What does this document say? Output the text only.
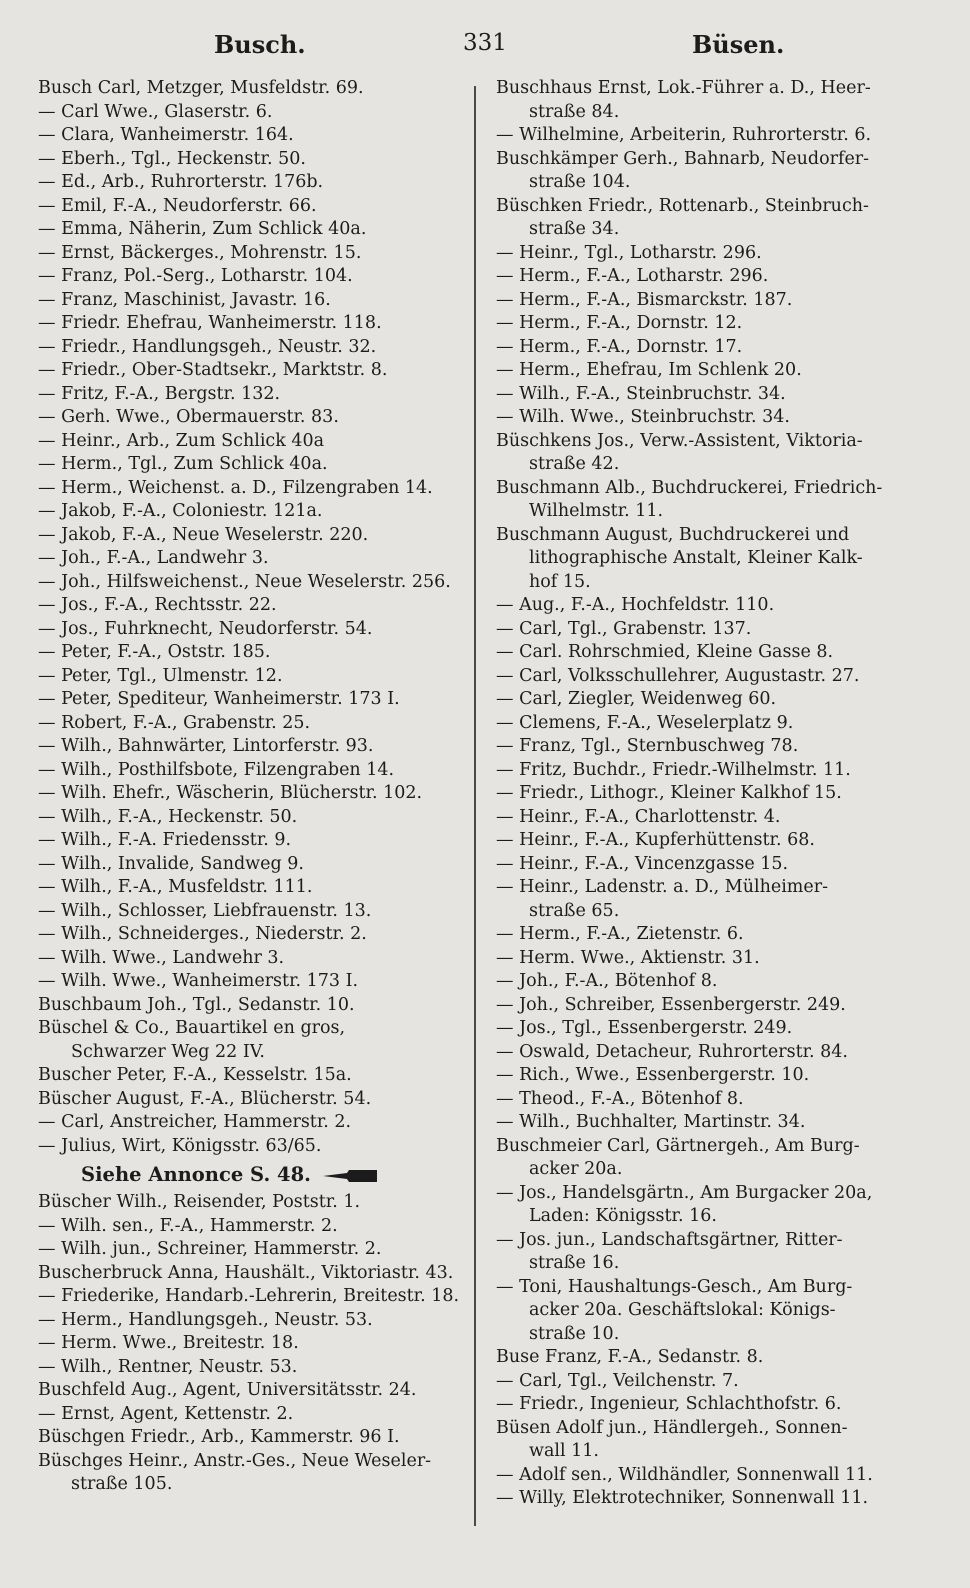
Busch.	331	Büsen.
Busch Carl, Metzger, Musfeldstr. 69.
— Carl Wwe., Glaserstr. 6.
— Clara, Wanheimerstr. 164.
— Eberh., Tgl., Heckenstr. 50.
— Ed., Arb., Ruhrorterstr. 176b.
— Emil, F.-A., Neudorferstr. 66.
— Emma, Näherin, Zum Schlick 40a.
— Ernst, Bäckerges., Mohrenstr. 15.
— Franz, Pol.-Serg., Lotharstr. 104.
— Franz, Maschinist, Javastr. 16.
— Friedr. Ehefrau, Wanheimerstr. 118.
— Friedr., Handlungsgeh., Neustr. 32.
— Friedr., Ober-Stadtsekr., Marktstr. 8.
— Fritz, F.-A., Bergstr. 132.
— Gerh. Wwe., Obermauerstr. 83.
— Heinr., Arb., Zum Schlick 40a
— Herm., Tgl., Zum Schlick 40a.
— Herm., Weichenst. a. D., Filzengraben 14.
— Jakob, F.-A., Coloniestr. 121a.
— Jakob, F.-A., Neue Weselerstr. 220.
— Joh., F.-A., Landwehr 3.
— Joh., Hilfsweichenst., Neue Weselerstr. 256.
— Jos., F.-A., Rechtsstr. 22.
— Jos., Fuhrknecht, Neudorferstr. 54.
— Peter, F.-A., Oststr. 185.
— Peter, Tgl., Ulmenstr. 12.
— Peter, Spediteur, Wanheimerstr. 173 I.
— Robert, F.-A., Grabenstr. 25.
— Wilh., Bahnwärter, Lintorferstr. 93.
— Wilh., Posthilfsbote, Filzengraben 14.
— Wilh. Ehefr., Wäscherin, Blücherstr. 102.
— Wilh., F.-A., Heckenstr. 50.
— Wilh., F.-A. Friedensstr. 9.
— Wilh., Invalide, Sandweg 9.
— Wilh., F.-A., Musfeldstr. 111.
— Wilh., Schlosser, Liebfrauenstr. 13.
— Wilh., Schneiderges., Niederstr. 2.
— Wilh. Wwe., Landwehr 3.
— Wilh. Wwe., Wanheimerstr. 173 I.
Buschbaum Joh., Tgl., Sedanstr. 10.
Büschel & Co., Bauartikel en gros,
Schwarzer Weg 22 IV.
Buscher Peter, F.-A., Kesselstr. 15a.
Büscher August, F.-A., Blücherstr. 54.
— Carl, Anstreicher, Hammerstr. 2.
— Julius, Wirt, Königsstr. 63/65.
Siehe Annonce S. 48.
Büscher Wilh., Reisender, Poststr. 1.
— Wilh. sen., F.-A., Hammerstr. 2.
— Wilh. jun., Schreiner, Hammerstr. 2.
Buscherbruck Anna, Haushält., Viktoriastr. 43.
— Friederike, Handarb.-Lehrerin, Breitestr. 18.
— Herm., Handlungsgeh., Neustr. 53.
— Herm. Wwe., Breitestr. 18.
— Wilh., Rentner, Neustr. 53.
Buschfeld Aug., Agent, Universitätsstr. 24.
— Ernst, Agent, Kettenstr. 2.
Büschgen Friedr., Arb., Kammerstr. 96 I.
Büschges Heinr., Anstr.-Ges., Neue Weseler-
straße 105.
Buschhaus Ernst, Lok.-Führer a. D., Heer-
straße 84.
— Wilhelmine, Arbeiterin, Ruhrorterstr. 6.
Buschkämper Gerh., Bahnarb, Neudorfer-
straße 104.
Büschken Friedr., Rottenarb., Steinbruch-
straße 34.
— Heinr., Tgl., Lotharstr. 296.
— Herm., F.-A., Lotharstr. 296.
— Herm., F.-A., Bismarckstr. 187.
— Herm., F.-A., Dornstr. 12.
— Herm., F.-A., Dornstr. 17.
— Herm., Ehefrau, Im Schlenk 20.
— Wilh., F.-A., Steinbruchstr. 34.
— Wilh. Wwe., Steinbruchstr. 34.
Büschkens Jos., Verw.-Assistent, Viktoria-
straße 42.
Buschmann Alb., Buchdruckerei, Friedrich-
Wilhelmstr. 11.
Buschmann August, Buchdruckerei und
lithographische Anstalt, Kleiner Kalk-
hof 15.
— Aug., F.-A., Hochfeldstr. 110.
— Carl, Tgl., Grabenstr. 137.
— Carl. Rohrschmied, Kleine Gasse 8.
— Carl, Volksschullehrer, Augustastr. 27.
— Carl, Ziegler, Weidenweg 60.
— Clemens, F.-A., Weselerplatz 9.
— Franz, Tgl., Sternbuschweg 78.
— Fritz, Buchdr., Friedr.-Wilhelmstr. 11.
— Friedr., Lithogr., Kleiner Kalkhof 15.
— Heinr., F.-A., Charlottenstr. 4.
— Heinr., F.-A., Kupferhüttenstr. 68.
— Heinr., F.-A., Vincenzgasse 15.
— Heinr., Ladenstr. a. D., Mülheimer-
straße 65.
— Herm., F.-A., Zietenstr. 6.
— Herm. Wwe., Aktienstr. 31.
— Joh., F.-A., Bötenhof 8.
— Joh., Schreiber, Essenbergerstr. 249.
— Jos., Tgl., Essenbergerstr. 249.
— Oswald, Detacheur, Ruhrorterstr. 84.
— Rich., Wwe., Essenbergerstr. 10.
— Theod., F.-A., Bötenhof 8.
— Wilh., Buchhalter, Martinstr. 34.
Buschmeier Carl, Gärtnergeh., Am Burg-
acker 20a.
— Jos., Handelsgärtn., Am Burgacker 20a,
Laden: Königsstr. 16.
— Jos. jun., Landschaftsgärtner, Ritter-
straße 16.
— Toni, Haushaltungs-Gesch., Am Burg-
acker 20a. Geschäftslokal: Königs-
straße 10.
Buse Franz, F.-A., Sedanstr. 8.
— Carl, Tgl., Veilchenstr. 7.
— Friedr., Ingenieur, Schlachthofstr. 6.
Büsen Adolf jun., Händlergeh., Sonnen-
wall 11.
— Adolf sen., Wildhändler, Sonnenwall 11.
— Willy, Elektrotechniker, Sonnenwall 11.
